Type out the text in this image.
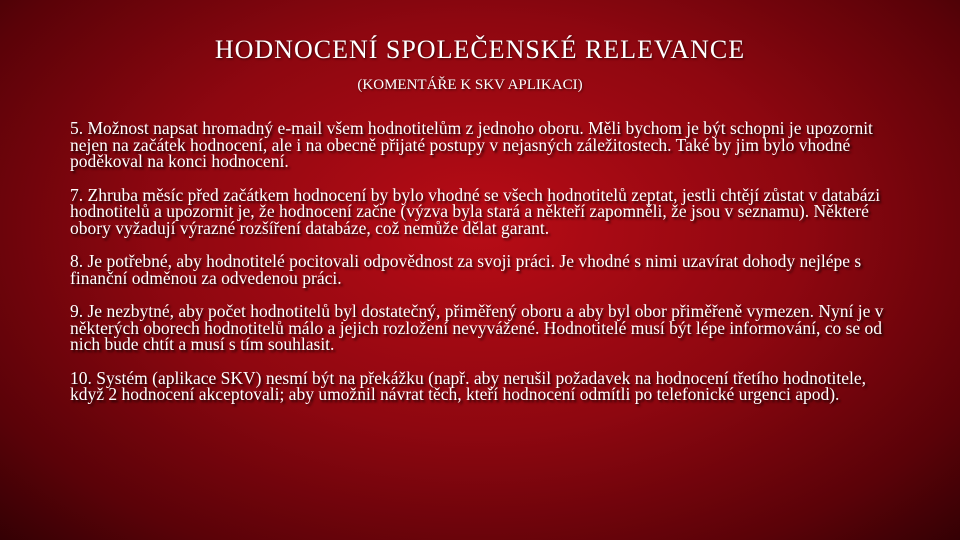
HODNOCENÍ SPOLEČENSKÉ RELEVANCE
(KOMENTÁŘE K SKV APLIKACI)

5. Možnost napsat hromadný e-mail všem hodnotitelům z jednoho oboru. Měli bychom je být schopni je upozornit nejen na začátek hodnocení, ale i na obecně přijaté postupy v nejasných záležitostech. Také by jim bylo vhodné poděkoval na konci hodnocení.

7. Zhruba měsíc před začátkem hodnocení by bylo vhodné se všech hodnotitelů zeptat, jestli chtějí zůstat v databázi hodnotitelů a upozornit je, že hodnocení začne (výzva byla stará a někteří zapomněli, že jsou v seznamu). Některé obory vyžadují výrazné rozšíření databáze, což nemůže dělat garant.

8. Je potřebné, aby hodnotitelé pocitovali odpovědnost za svoji práci. Je vhodné s nimi uzavírat dohody nejlépe s finanční odměnou za odvedenou práci.

9. Je nezbytné, aby počet hodnotitelů byl dostatečný, přiměřený oboru a aby byl obor přiměřeně vymezen. Nyní je v některých oborech hodnotitelů málo a jejich rozložení nevyvážené. Hodnotitelé musí být lépe informování, co se od nich bude chtít a musí s tím souhlasit.

10. Systém (aplikace SKV) nesmí být na překážku (např. aby nerušil požadavek na hodnocení třetího hodnotitele, když 2 hodnocení akceptovali; aby umožnil návrat těch, kteří hodnocení odmítli po telefonické urgenci apod).
